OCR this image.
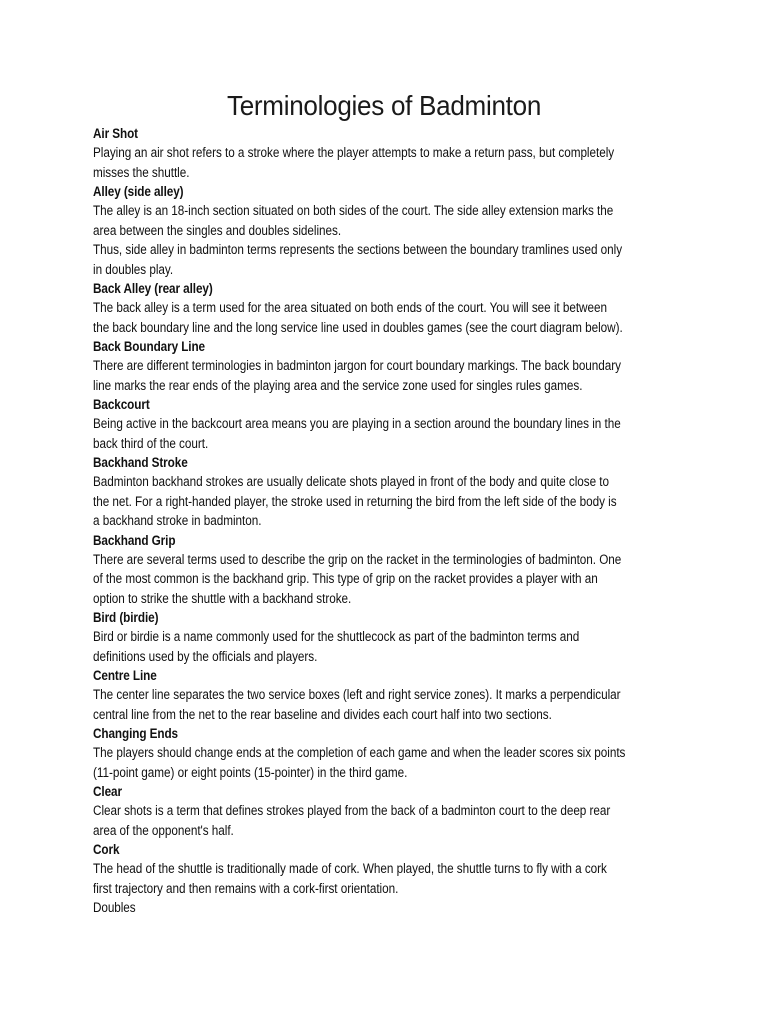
Terminologies of Badminton
Air Shot
Playing an air shot refers to a stroke where the player attempts to make a return pass, but completely
misses the shuttle.
Alley (side alley)
The alley is an 18-inch section situated on both sides of the court. The side alley extension marks the
area between the singles and doubles sidelines.
Thus, side alley in badminton terms represents the sections between the boundary tramlines used only
in doubles play.
Back Alley (rear alley)
The back alley is a term used for the area situated on both ends of the court. You will see it between
the back boundary line and the long service line used in doubles games (see the court diagram below).
Back Boundary Line
There are different terminologies in badminton jargon for court boundary markings. The back boundary
line marks the rear ends of the playing area and the service zone used for singles rules games.
Backcourt
Being active in the backcourt area means you are playing in a section around the boundary lines in the
back third of the court.
Backhand Stroke
Badminton backhand strokes are usually delicate shots played in front of the body and quite close to
the net. For a right-handed player, the stroke used in returning the bird from the left side of the body is
a backhand stroke in badminton.
Backhand Grip
There are several terms used to describe the grip on the racket in the terminologies of badminton. One
of the most common is the backhand grip. This type of grip on the racket provides a player with an
option to strike the shuttle with a backhand stroke.
Bird (birdie)
Bird or birdie is a name commonly used for the shuttlecock as part of the badminton terms and
definitions used by the officials and players.
Centre Line
The center line separates the two service boxes (left and right service zones). It marks a perpendicular
central line from the net to the rear baseline and divides each court half into two sections.
Changing Ends
The players should change ends at the completion of each game and when the leader scores six points
(11-point game) or eight points (15-pointer) in the third game.
Clear
Clear shots is a term that defines strokes played from the back of a badminton court to the deep rear
area of the opponent's half.
Cork
The head of the shuttle is traditionally made of cork. When played, the shuttle turns to fly with a cork
first trajectory and then remains with a cork-first orientation.
Doubles
